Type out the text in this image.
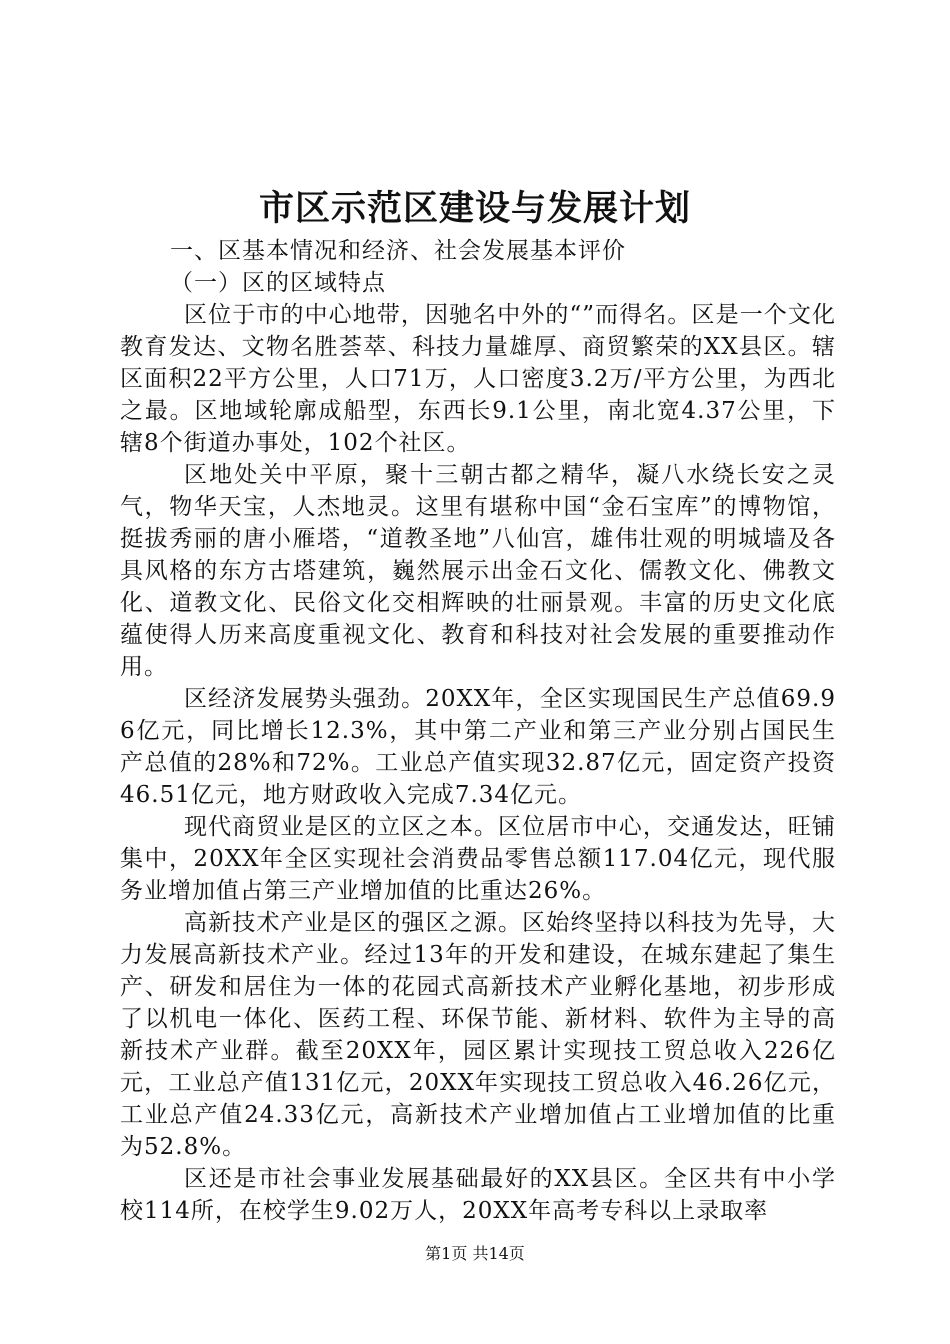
市区示范区建设与发展计划

一、区基本情况和经济、社会发展基本评价

（一）区的区域特点

区位于市的中心地带，因驰名中外的“”而得名。区是一个文化教育发达、文物名胜荟萃、科技力量雄厚、商贸繁荣的XX县区。辖区面积22平方公里，人口71万，人口密度3.2万/平方公里，为西北之最。区地域轮廓成船型，东西长9.1公里，南北宽4.37公里，下辖8个街道办事处，102个社区。

区地处关中平原，聚十三朝古都之精华，凝八水绕长安之灵气，物华天宝，人杰地灵。这里有堪称中国“金石宝库”的博物馆，挺拔秀丽的唐小雁塔，“道教圣地”八仙宫，雄伟壮观的明城墙及各具风格的东方古塔建筑，巍然展示出金石文化、儒教文化、佛教文化、道教文化、民俗文化交相辉映的壮丽景观。丰富的历史文化底蕴使得人历来高度重视文化、教育和科技对社会发展的重要推动作用。

区经济发展势头强劲。20XX年，全区实现国民生产总值69.96亿元，同比增长12.3%，其中第二产业和第三产业分别占国民生产总值的28%和72%。工业总产值实现32.87亿元，固定资产投资46.51亿元，地方财政收入完成7.34亿元。

现代商贸业是区的立区之本。区位居市中心，交通发达，旺铺集中，20XX年全区实现社会消费品零售总额117.04亿元，现代服务业增加值占第三产业增加值的比重达26%。

高新技术产业是区的强区之源。区始终坚持以科技为先导，大力发展高新技术产业。经过13年的开发和建设，在城东建起了集生产、研发和居住为一体的花园式高新技术产业孵化基地，初步形成了以机电一体化、医药工程、环保节能、新材料、软件为主导的高新技术产业群。截至20XX年，园区累计实现技工贸总收入226亿元，工业总产值131亿元，20XX年实现技工贸总收入46.26亿元，工业总产值24.33亿元，高新技术产业增加值占工业增加值的比重为52.8%。

区还是市社会事业发展基础最好的XX县区。全区共有中小学校114所，在校学生9.02万人，20XX年高考专科以上录取率

第1页 共14页
